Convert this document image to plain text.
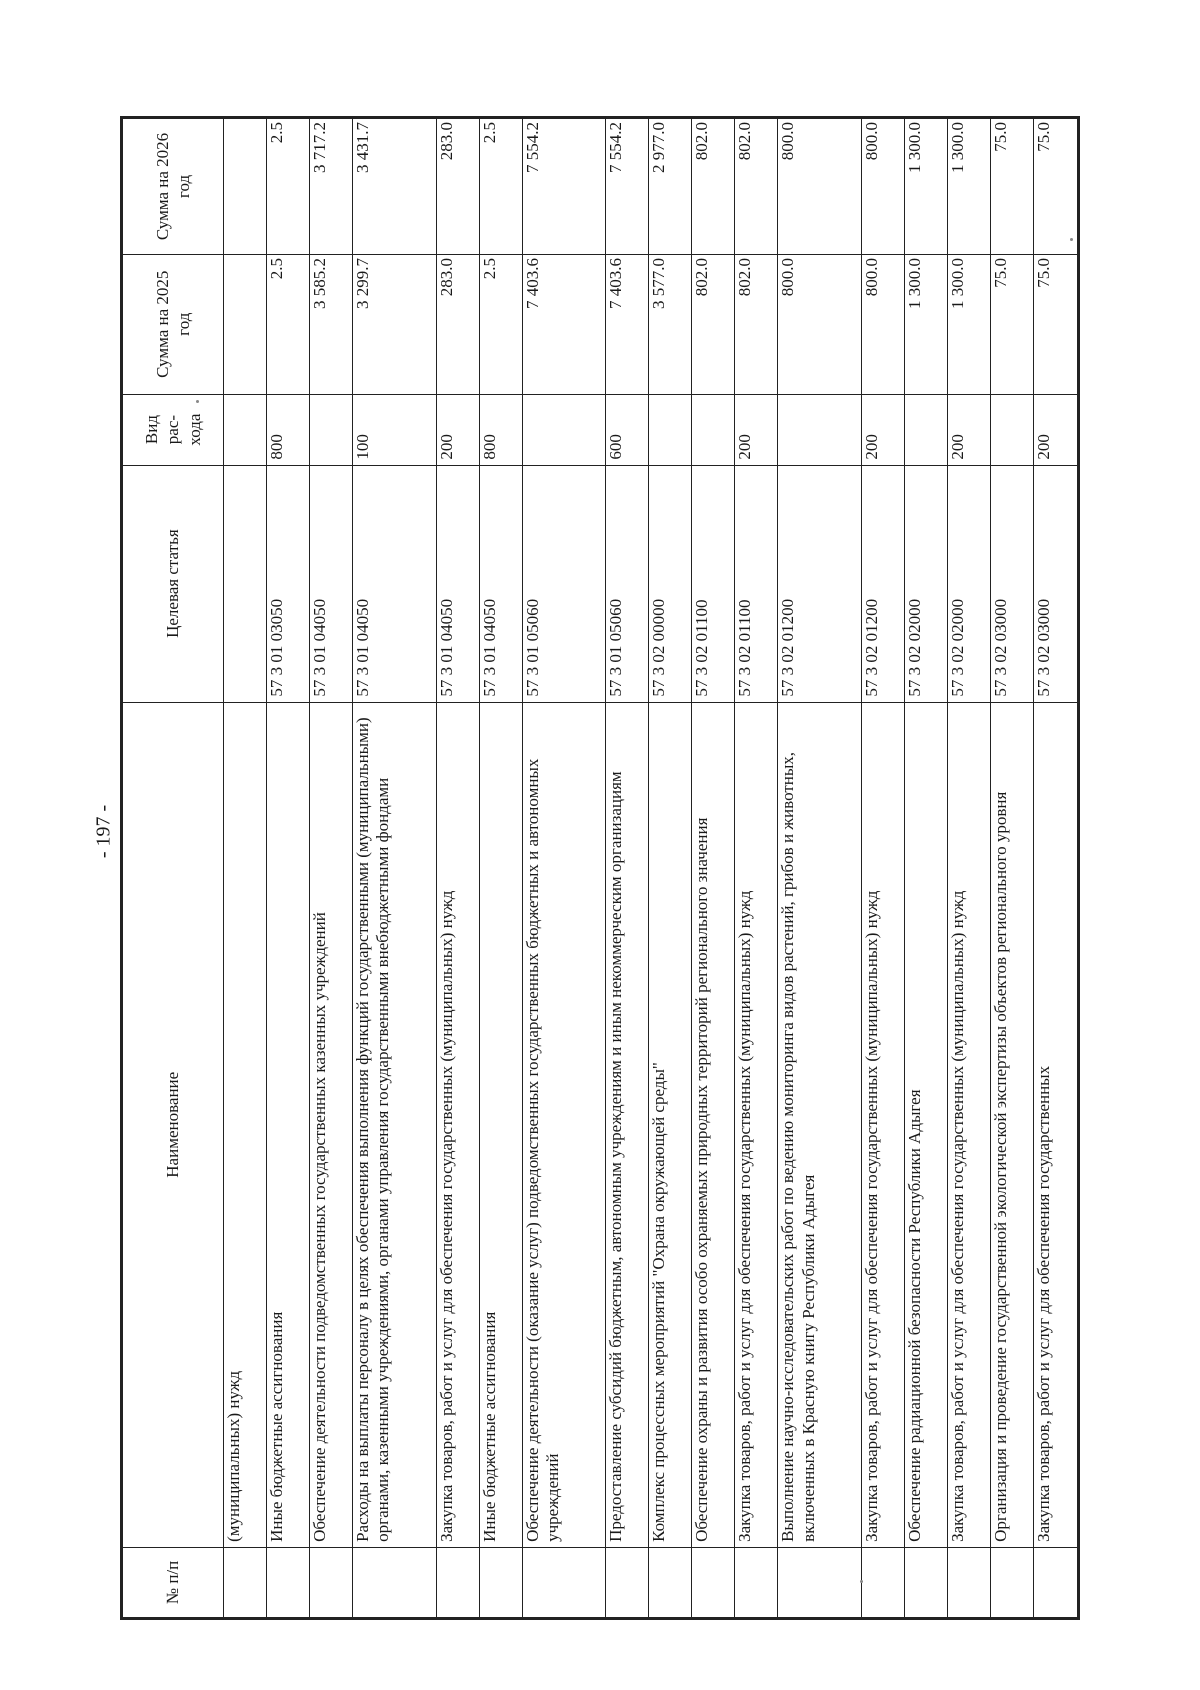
- 197 -
№ п/п	Наименование	Целевая статья	Вид рас- хода	Сумма на 2025 год	Сумма на 2026 год
	(муниципальных) нужд				
	Иные бюджетные ассигнования	57 3 01 03050	800	2.5	2.5
	Обеспечение деятельности подведомственных государственных казенных учреждений	57 3 01 04050		3 585.2	3 717.2
	Расходы на выплаты персоналу в целях обеспечения выполнения функций государственными (муниципальными) органами, казенными учреждениями, органами управления государственными внебюджетными фондами	57 3 01 04050	100	3 299.7	3 431.7
	Закупка товаров, работ и услуг для обеспечения государственных (муниципальных) нужд	57 3 01 04050	200	283.0	283.0
	Иные бюджетные ассигнования	57 3 01 04050	800	2.5	2.5
	Обеспечение деятельности (оказание услуг) подведомственных государственных бюджетных и автономных учреждений	57 3 01 05060		7 403.6	7 554.2
	Предоставление субсидий бюджетным, автономным учреждениям и иным некоммерческим организациям	57 3 01 05060	600	7 403.6	7 554.2
	Комплекс процессных мероприятий "Охрана окружающей среды"	57 3 02 00000		3 577.0	2 977.0
	Обеспечение охраны и развития особо охраняемых природных территорий регионального значения	57 3 02 01100		802.0	802.0
	Закупка товаров, работ и услуг для обеспечения государственных (муниципальных) нужд	57 3 02 01100	200	802.0	802.0
	Выполнение научно-исследовательских работ по ведению мониторинга видов растений, грибов и животных, включенных в Красную книгу Республики Адыгея	57 3 02 01200		800.0	800.0
	Закупка товаров, работ и услуг для обеспечения государственных (муниципальных) нужд	57 3 02 01200	200	800.0	800.0
	Обеспечение радиационной безопасности Республики Адыгея	57 3 02 02000		1 300.0	1 300.0
	Закупка товаров, работ и услуг для обеспечения государственных (муниципальных) нужд	57 3 02 02000	200	1 300.0	1 300.0
	Организация и проведение государственной экологической экспертизы объектов регионального уровня	57 3 02 03000		75.0	75.0
	Закупка товаров, работ и услуг для обеспечения государственных	57 3 02 03000	200	75.0	75.0
